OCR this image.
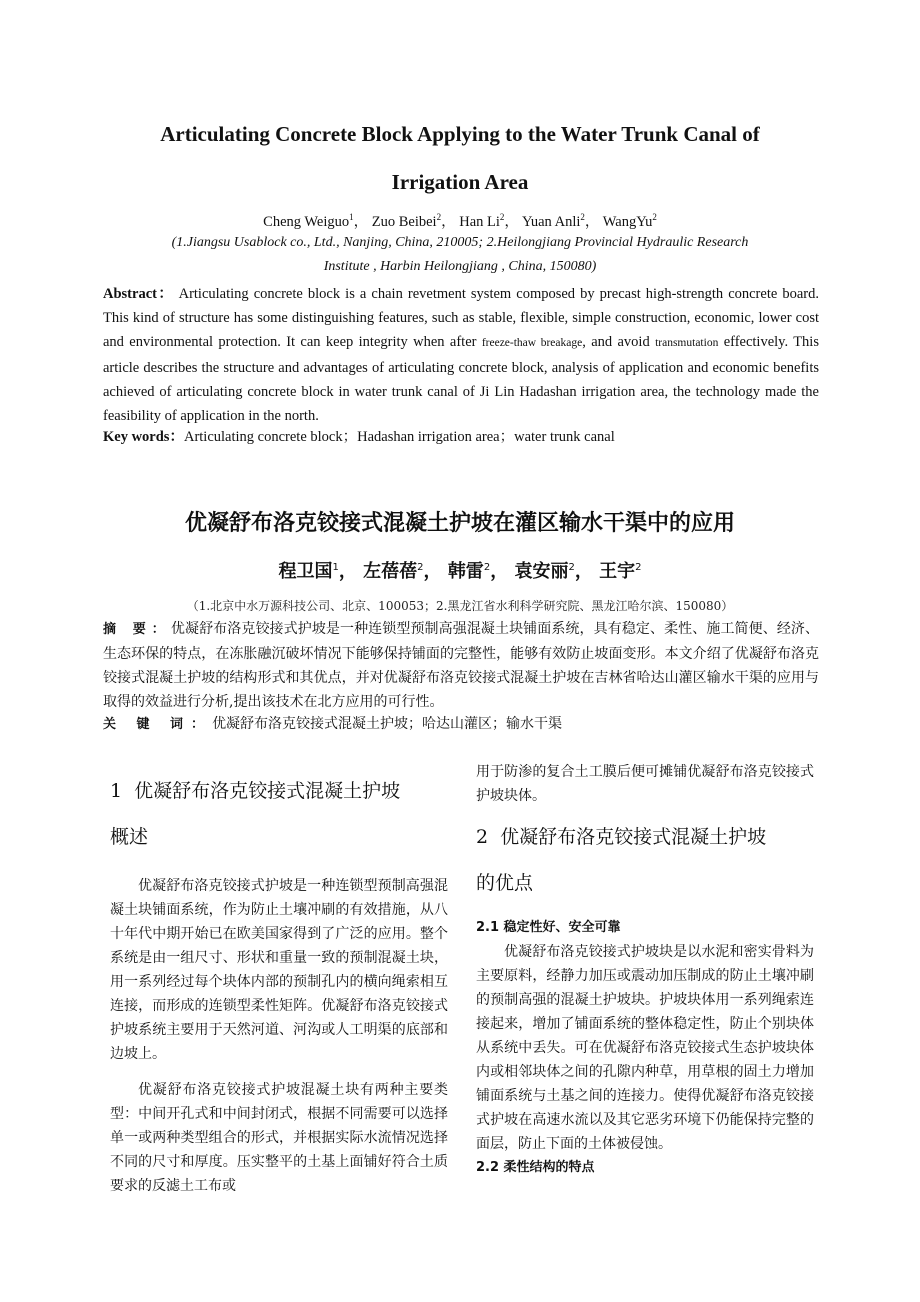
Articulating Concrete Block Applying to the Water Trunk Canal of
Irrigation Area
Cheng Weiguo$^1$， Zuo Beibei$^2$， Han Li$^2$， Yuan Anli$^2$， WangYu$^2$
(1.Jiangsu Usablock co., Ltd., Nanjing, China, 210005; 2.Heilongjiang Provincial Hydraulic Research
Institute , Harbin Heilongjiang , China, 150080)
Abstract： Articulating concrete block is a chain revetment system composed by precast high-strength concrete board. This kind of structure has some distinguishing features, such as stable, flexible, simple construction, economic, lower cost and environmental protection. It can keep integrity when after freeze-thaw breakage, and avoid transmutation effectively. This article describes the structure and advantages of articulating concrete block, analysis of application and economic benefits achieved of articulating concrete block in water trunk canal of Ji Lin Hadashan irrigation area, the technology made the feasibility of application in the north.
Key words：Articulating concrete block；Hadashan irrigation area；water trunk canal
优凝舒布洛克铰接式混凝土护坡在灌区输水干渠中的应用
程卫国$^1$， 左蓓蓓$^2$， 韩雷$^2$， 袁安丽$^2$， 王宇$^2$
（1.北京中水万源科技公司、北京、100053；2.黑龙江省水利科学研究院、黑龙江哈尔滨、150080）
摘 要：优凝舒布洛克铰接式护坡是一种连锁型预制高强混凝土块铺面系统，具有稳定、柔性、施工简便、经济、生态环保的特点，在冻胀融沉破坏情况下能够保持铺面的完整性，能够有效防止坡面变形。本文介绍了优凝舒布洛克铰接式混凝土护坡的结构形式和其优点，并对优凝舒布洛克铰接式混凝土护坡在吉林省哈达山灌区输水干渠的应用与取得的效益进行分析,提出该技术在北方应用的可行性。
关 键 词：优凝舒布洛克铰接式混凝土护坡；哈达山灌区；输水干渠

1 优凝舒布洛克铰接式混凝土护坡

概述

优凝舒布洛克铰接式护坡是一种连锁型预制高强混凝土块铺面系统，作为防止土壤冲刷的有效措施，从八十年代中期开始已在欧美国家得到了广泛的应用。整个系统是由一组尺寸、形状和重量一致的预制混凝土块，用一系列经过每个块体内部的预制孔内的横向绳索相互连接，而形成的连锁型柔性矩阵。优凝舒布洛克铰接式护坡系统主要用于天然河道、河沟或人工明渠的底部和边坡上。

优凝舒布洛克铰接式护坡混凝土块有两种主要类型：中间开孔式和中间封闭式，根据不同需要可以选择单一或两种类型组合的形式，并根据实际水流情况选择不同的尺寸和厚度。压实整平的土基上面铺好符合土质要求的反滤土工布或

用于防渗的复合土工膜后便可摊铺优凝舒布洛克铰接式护坡块体。

2 优凝舒布洛克铰接式混凝土护坡

的优点

2.1 稳定性好、安全可靠

优凝舒布洛克铰接式护坡块是以水泥和密实骨料为主要原料，经静力加压或震动加压制成的防止土壤冲刷的预制高强的混凝土护坡块。护坡块体用一系列绳索连接起来，增加了铺面系统的整体稳定性，防止个别块体从系统中丢失。可在优凝舒布洛克铰接式生态护坡块体内或相邻块体之间的孔隙内种草，用草根的固土力增加铺面系统与土基之间的连接力。使得优凝舒布洛克铰接式护坡在高速水流以及其它恶劣环境下仍能保持完整的面层，防止下面的土体被侵蚀。

2.2 柔性结构的特点
